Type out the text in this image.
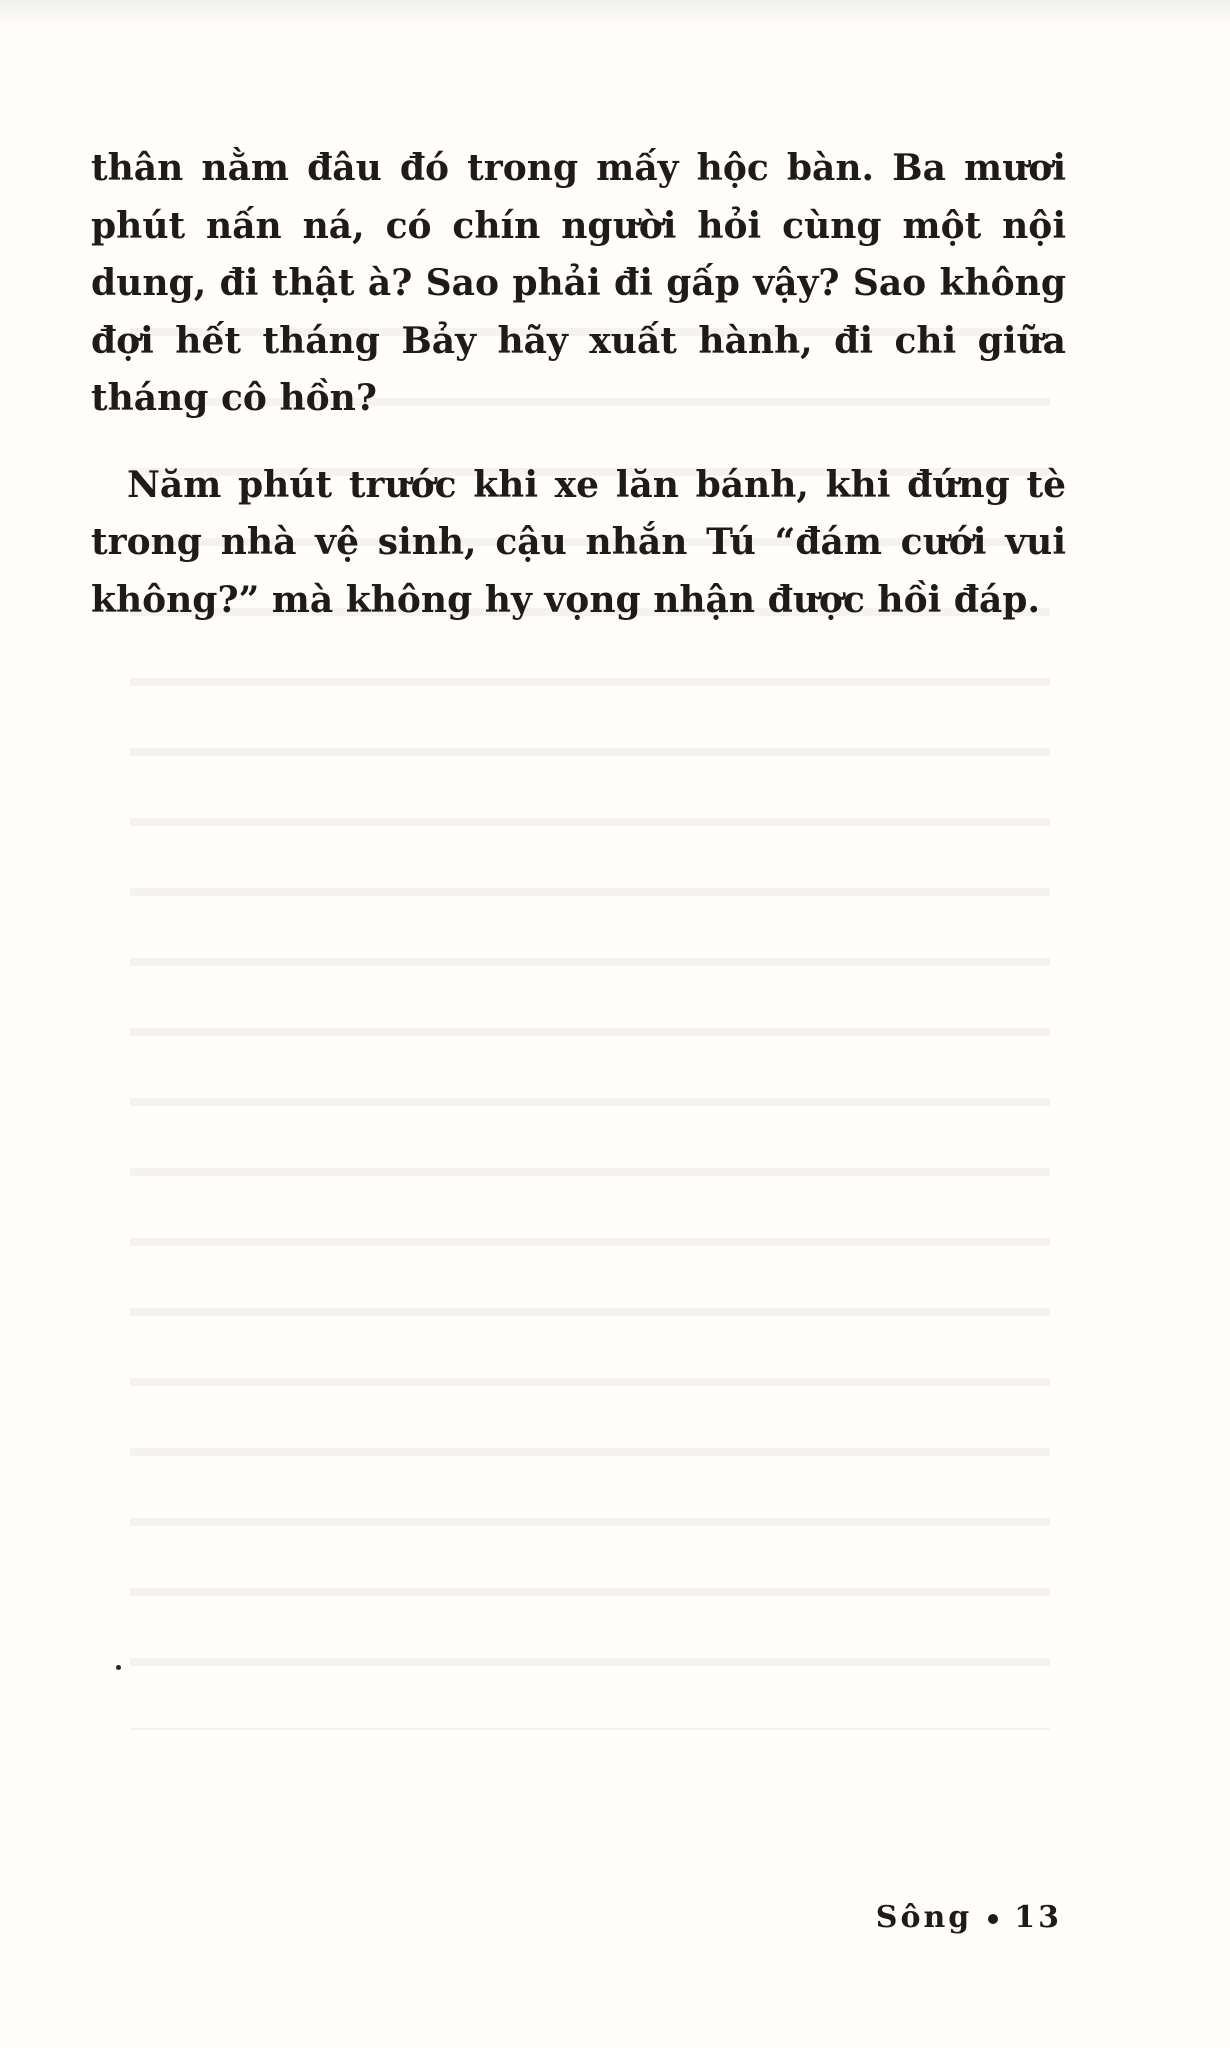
thân nằm đâu đó trong mấy hộc bàn. Ba mươi phút nấn ná, có chín người hỏi cùng một nội dung, đi thật à? Sao phải đi gấp vậy? Sao không đợi hết tháng Bảy hãy xuất hành, đi chi giữa tháng cô hồn?

Năm phút trước khi xe lăn bánh, khi đứng tè trong nhà vệ sinh, cậu nhắn Tú “đám cưới vui không?” mà không hy vọng nhận được hồi đáp.

Sông 13
